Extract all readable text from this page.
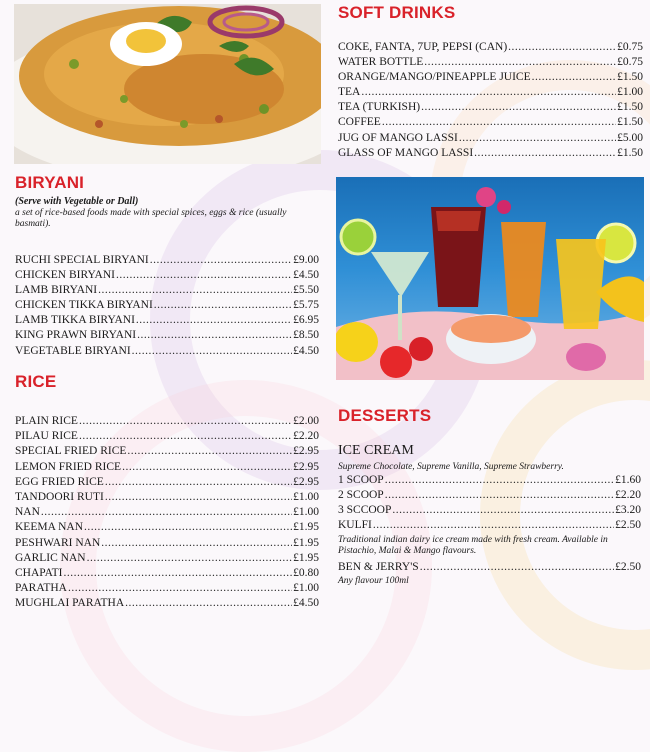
SOFT DRINKS
COKE, FANTA, 7UP, PEPSI (CAN) .....	£0.75
WATER BOTTLE .....	£0.75
ORANGE/MANGO/PINEAPPLE JUICE .....	£1.50
TEA .....	£1.00
TEA (TURKISH) .....	£1.50
COFFEE .....	£1.50
JUG OF MANGO LASSI .....	£5.00
GLASS OF MANGO LASSI .....	£1.50
BIRYANI
(Serve with Vegetable or Dall)
a set of rice-based foods made with special spices, eggs & rice (usually basmati).
RUCHI SPECIAL BIRYANI .....	£9.00
CHICKEN BIRYANI .....	£4.50
LAMB BIRYANI .....	£5.50
CHICKEN TIKKA BIRYANI .....	£5.75
LAMB TIKKA BIRYANI .....	£6.95
KING PRAWN BIRYANI .....	£8.50
VEGETABLE BIRYANI .....	£4.50
RICE
PLAIN RICE .....	£2.00
PILAU RICE .....	£2.20
SPECIAL FRIED RICE .....	£2.95
LEMON FRIED RICE .....	£2.95
EGG FRIED RICE .....	£2.95
TANDOORI RUTI .....	£1.00
NAN .....	£1.00
KEEMA NAN .....	£1.95
PESHWARI NAN .....	£1.95
GARLIC NAN .....	£1.95
CHAPATI .....	£0.80
PARATHA .....	£1.00
MUGHLAI PARATHA .....	£4.50
DESSERTS
ICE CREAM
Supreme Chocolate, Supreme Vanilla, Supreme Strawberry.
1 SCOOP .....	£1.60
2 SCOOP .....	£2.20
3 SCCOOP .....	£3.20
KULFI .....	£2.50
Traditional indian dairy ice cream made with fresh cream. Available in Pistachio, Malai & Mango flavours.
BEN & JERRY'S .....	£2.50
Any flavour 100ml
